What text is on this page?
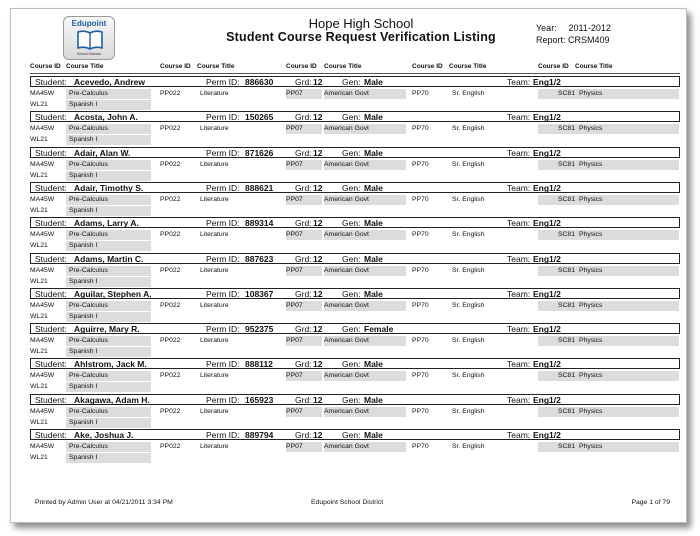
Edupoint
School Districts
Hope High School
Student Course Request Verification Listing
Year: 2011-2012
Report: CRSM409
Course ID Course Title	Course ID Course Title	Course ID Course Title	Course ID Course Title	Course ID Course Title
Student: Acevedo, Andrew	Perm ID: 886630	Grd: 12 Gen: Male	Team: Eng1/2
MA45W	Pre-Calculus	PP022	Literature	PP07	American Govt	PP70	Sr. English	SC81 Physics
WL21	Spanish I
Student: Acosta, John A.	Perm ID: 150265	Grd: 12 Gen: Male	Team: Eng1/2
MA45W	Pre-Calculus	PP022	Literature	PP07	American Govt	PP70	Sr. English	SC81 Physics
WL21	Spanish I
Student: Adair, Alan W.	Perm ID: 871626	Grd: 12 Gen: Male	Team: Eng1/2
MA45W	Pre-Calculus	PP022	Literature	PP07	American Govt	PP70	Sr. English	SC81 Physics
WL21	Spanish I
Student: Adair, Timothy S.	Perm ID: 888621	Grd: 12 Gen: Male	Team: Eng1/2
MA45W	Pre-Calculus	PP022	Literature	PP07	American Govt	PP70	Sr. English	SC81 Physics
WL21	Spanish I
Student: Adams, Larry A.	Perm ID: 889314	Grd: 12 Gen: Male	Team: Eng1/2
MA45W	Pre-Calculus	PP022	Literature	PP07	American Govt	PP70	Sr. English	SC81 Physics
WL21	Spanish I
Student: Adams, Martin C.	Perm ID: 887623	Grd: 12 Gen: Male	Team: Eng1/2
MA45W	Pre-Calculus	PP022	Literature	PP07	American Govt	PP70	Sr. English	SC81 Physics
WL21	Spanish I
Student: Aguilar, Stephen A.	Perm ID: 108367	Grd: 12 Gen: Male	Team: Eng1/2
MA45W	Pre-Calculus	PP022	Literature	PP07	American Govt	PP70	Sr. English	SC81 Physics
WL21	Spanish I
Student: Aguirre, Mary R.	Perm ID: 952375	Grd: 12 Gen: Female	Team: Eng1/2
MA45W	Pre-Calculus	PP022	Literature	PP07	American Govt	PP70	Sr. English	SC81 Physics
WL21	Spanish I
Student: Ahlstrom, Jack M.	Perm ID: 888112	Grd: 12 Gen: Male	Team: Eng1/2
MA45W	Pre-Calculus	PP022	Literature	PP07	American Govt	PP70	Sr. English	SC81 Physics
WL21	Spanish I
Student: Akagawa, Adam H.	Perm ID: 165923	Grd: 12 Gen: Male	Team: Eng1/2
MA45W	Pre-Calculus	PP022	Literature	PP07	American Govt	PP70	Sr. English	SC81 Physics
WL21	Spanish I
Student: Ake, Joshua J.	Perm ID: 889794	Grd: 12 Gen: Male	Team: Eng1/2
MA45W	Pre-Calculus	PP022	Literature	PP07	American Govt	PP70	Sr. English	SC81 Physics
WL21	Spanish I
Printed by Admin User at 04/21/2011 3:34 PM	Edupoint School District	Page 1 of 79
